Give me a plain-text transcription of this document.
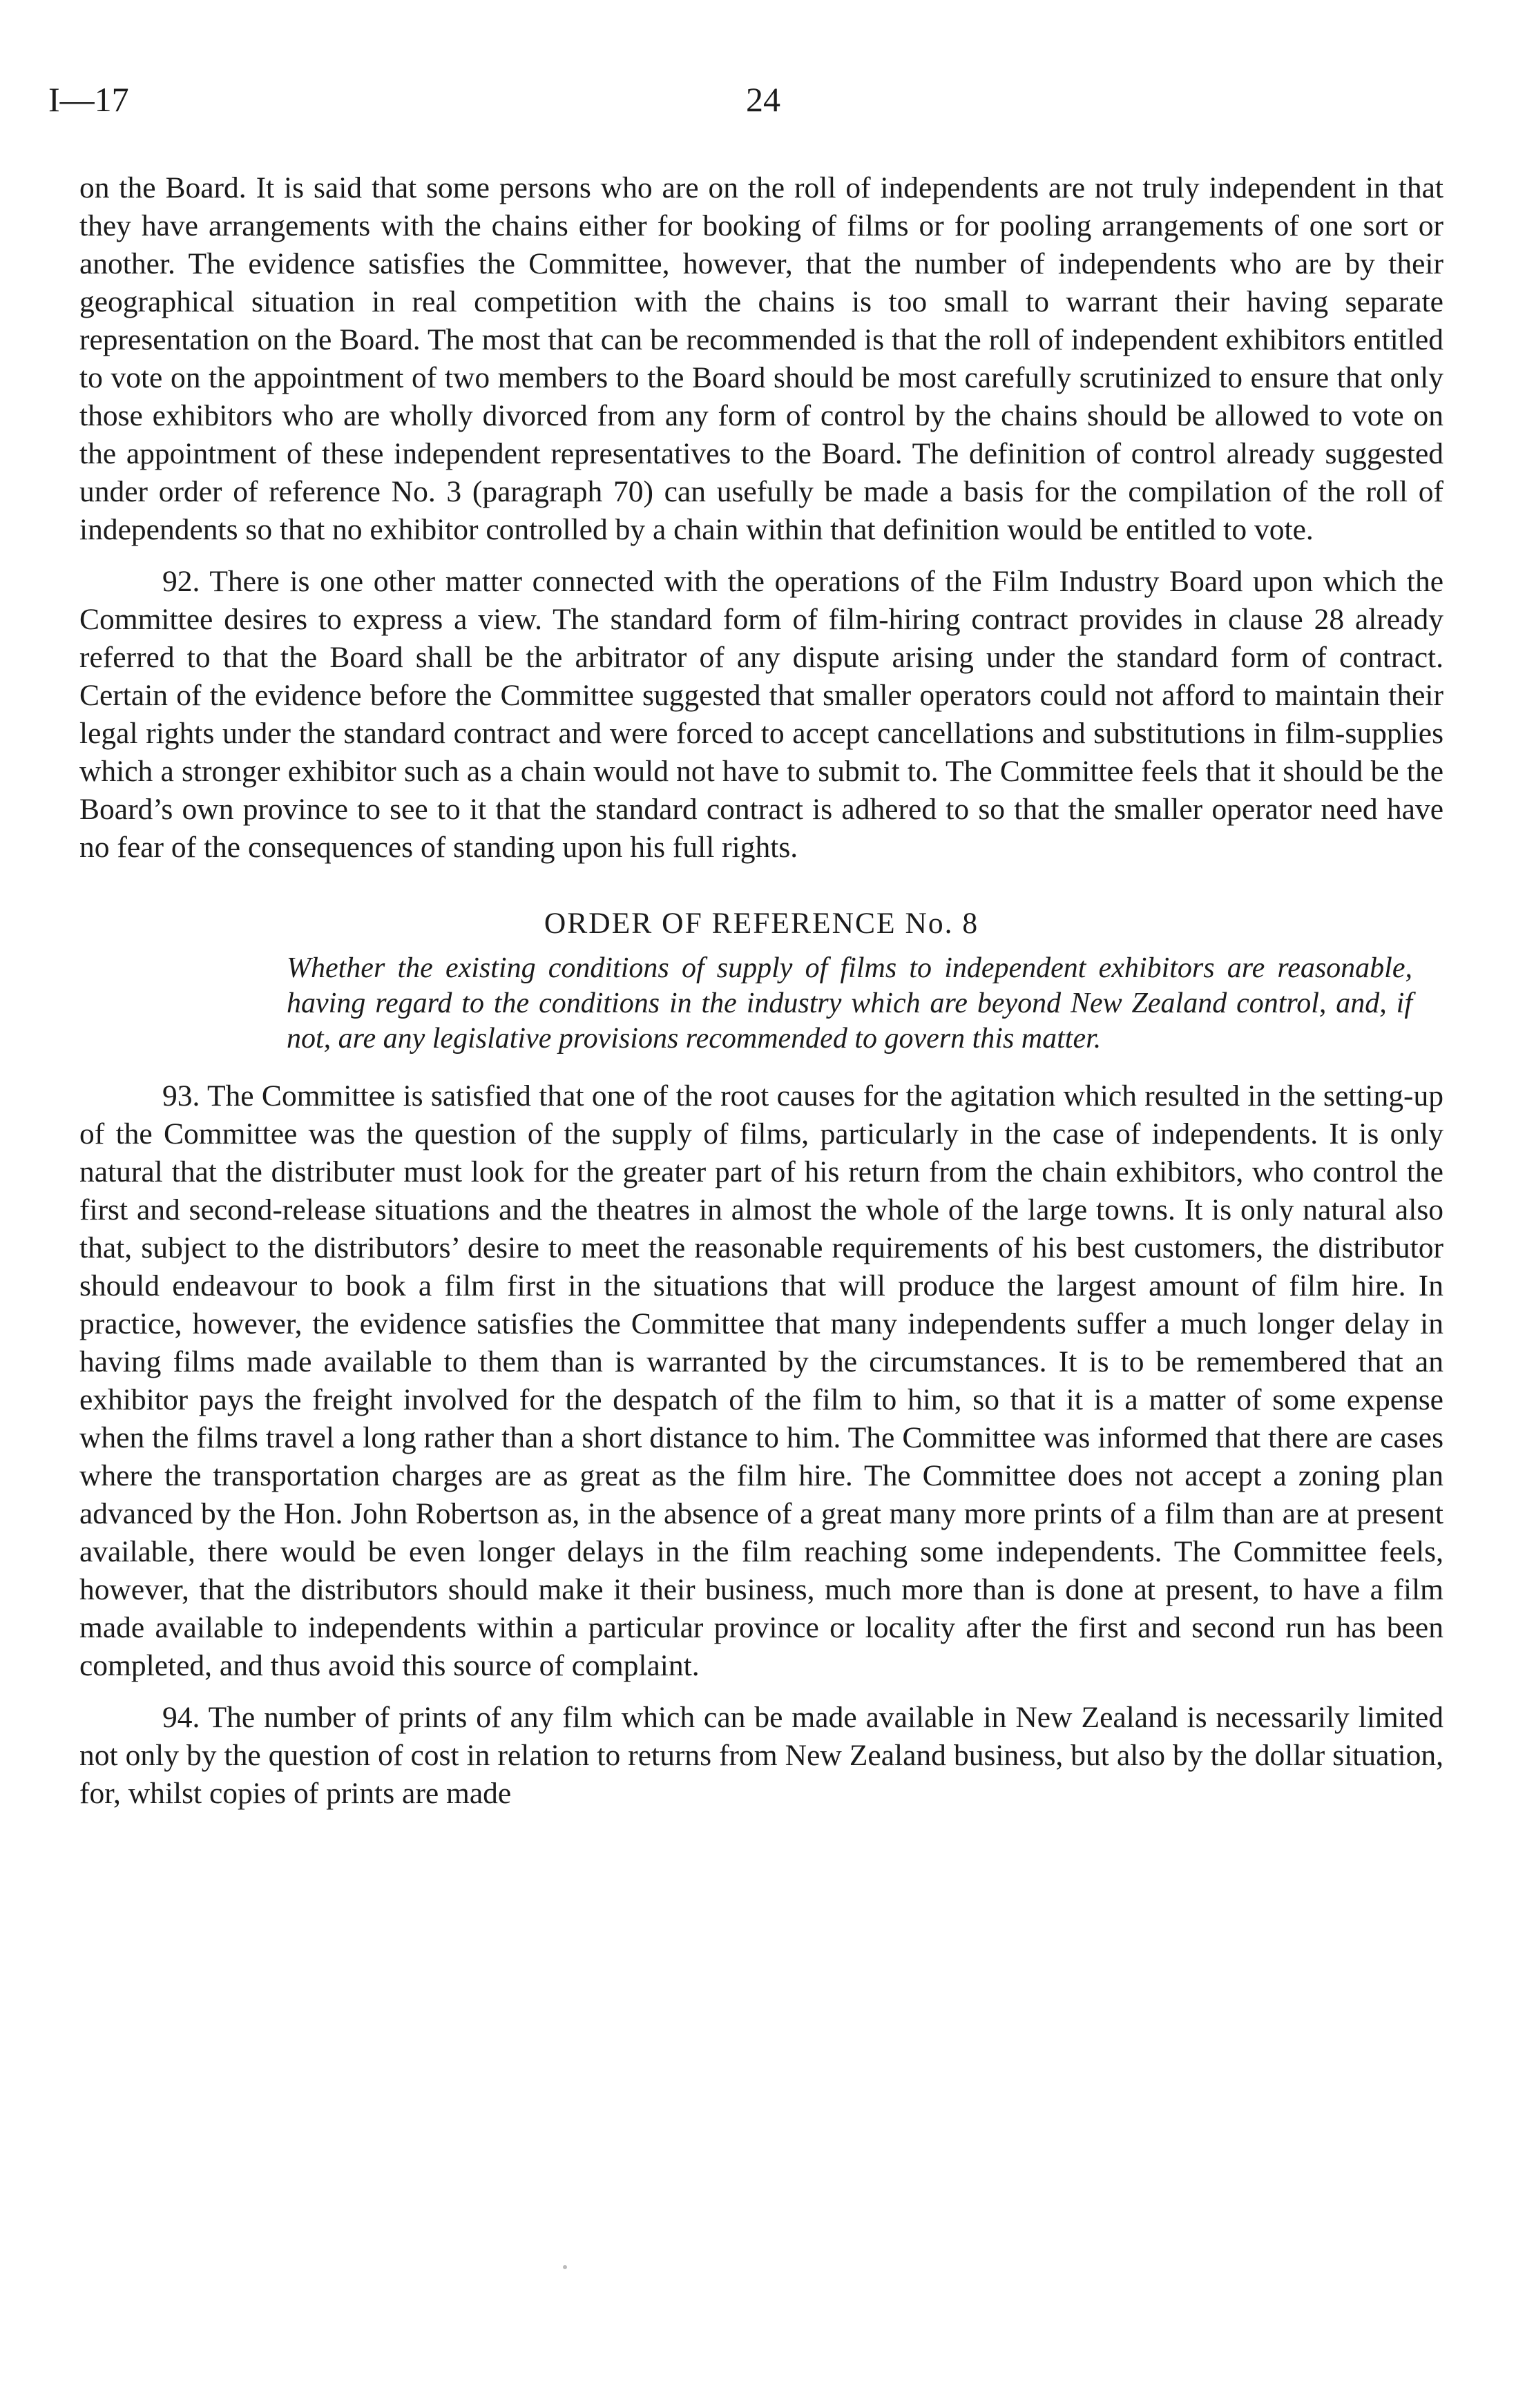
I—17	24

on the Board. It is said that some persons who are on the roll of independents are not truly independent in that they have arrangements with the chains either for booking of films or for pooling arrangements of one sort or another. The evidence satisfies the Committee, however, that the number of independents who are by their geographical situation in real competition with the chains is too small to warrant their having separate representation on the Board. The most that can be recommended is that the roll of independent exhibitors entitled to vote on the appointment of two members to the Board should be most carefully scrutinized to ensure that only those exhibitors who are wholly divorced from any form of control by the chains should be allowed to vote on the appointment of these independent representatives to the Board. The definition of control already suggested under order of reference No. 3 (paragraph 70) can usefully be made a basis for the compilation of the roll of independents so that no exhibitor controlled by a chain within that definition would be entitled to vote.

92. There is one other matter connected with the operations of the Film Industry Board upon which the Committee desires to express a view. The standard form of film-hiring contract provides in clause 28 already referred to that the Board shall be the arbitrator of any dispute arising under the standard form of contract. Certain of the evidence before the Committee suggested that smaller operators could not afford to maintain their legal rights under the standard contract and were forced to accept cancellations and substitutions in film-supplies which a stronger exhibitor such as a chain would not have to submit to. The Committee feels that it should be the Board’s own province to see to it that the standard contract is adhered to so that the smaller operator need have no fear of the consequences of standing upon his full rights.

ORDER OF REFERENCE No. 8
Whether the existing conditions of supply of films to independent exhibitors are reasonable, having regard to the conditions in the industry which are beyond New Zealand control, and, if not, are any legislative provisions recommended to govern this matter.

93. The Committee is satisfied that one of the root causes for the agitation which resulted in the setting-up of the Committee was the question of the supply of films, particularly in the case of independents. It is only natural that the distributer must look for the greater part of his return from the chain exhibitors, who control the first and second-release situations and the theatres in almost the whole of the large towns. It is only natural also that, subject to the distributors’ desire to meet the reasonable requirements of his best customers, the distributor should endeavour to book a film first in the situations that will produce the largest amount of film hire. In practice, however, the evidence satisfies the Committee that many independents suffer a much longer delay in having films made available to them than is warranted by the circumstances. It is to be remembered that an exhibitor pays the freight involved for the despatch of the film to him, so that it is a matter of some expense when the films travel a long rather than a short distance to him. The Committee was informed that there are cases where the transportation charges are as great as the film hire. The Committee does not accept a zoning plan advanced by the Hon. John Robertson as, in the absence of a great many more prints of a film than are at present available, there would be even longer delays in the film reaching some independents. The Committee feels, however, that the distributors should make it their business, much more than is done at present, to have a film made available to independents within a particular province or locality after the first and second run has been completed, and thus avoid this source of complaint.

94. The number of prints of any film which can be made available in New Zealand is necessarily limited not only by the question of cost in relation to returns from New Zealand business, but also by the dollar situation, for, whilst copies of prints are made
